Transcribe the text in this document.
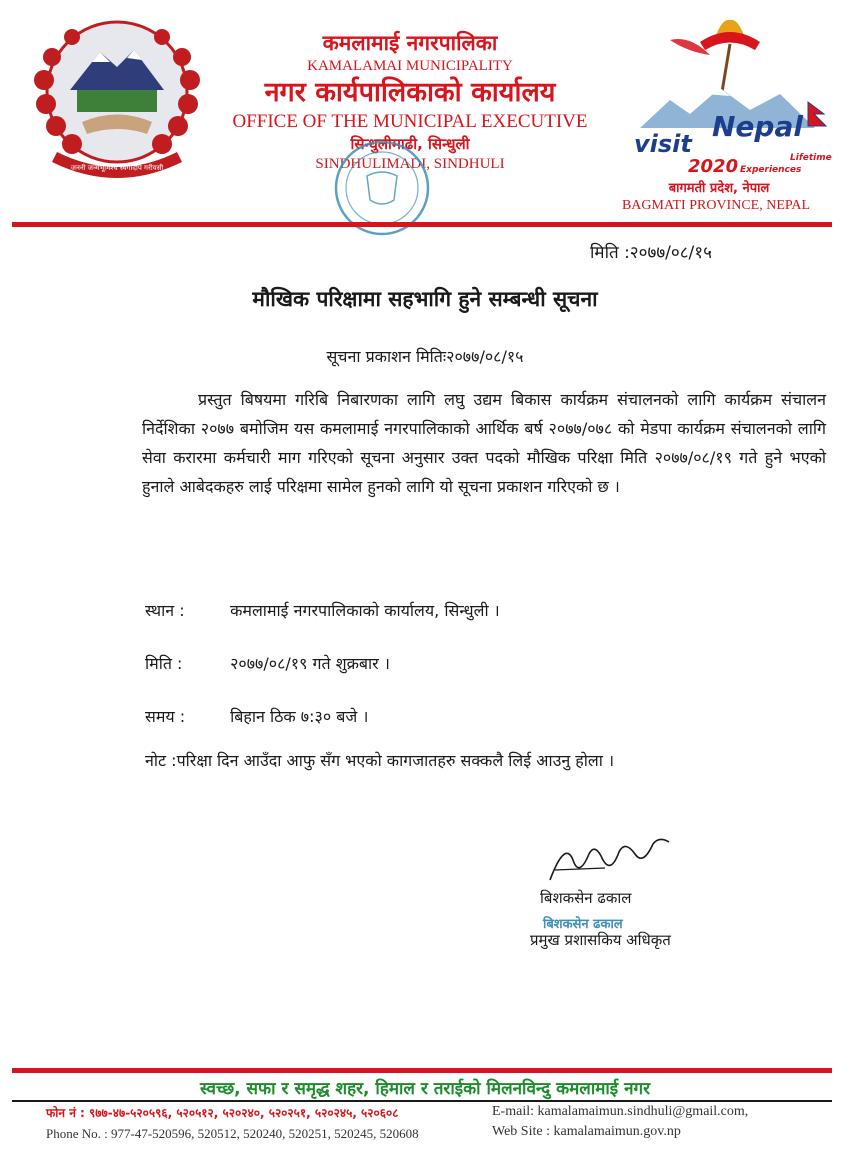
जननी जन्मभूमिश्च स्वर्गादपि गरीयसी
कमलामाई नगरपालिका
KAMALAMAI MUNICIPALITY
नगर कार्यपालिकाको कार्यालय
OFFICE OF THE MUNICIPAL EXECUTIVE
सिन्धुलीमाढी, सिन्धुली
SINDHULIMADI, SINDHULI
visit
Nepal
2020	Lifetime
Experiences
बागमती प्रदेश, नेपाल
BAGMATI PROVINCE, NEPAL
मिति :२०७७/०८/१५
मौखिक परिक्षामा सहभागि हुने सम्बन्धी सूचना
सूचना प्रकाशन मितिः२०७७/०८/१५
प्रस्तुत बिषयमा गरिबि निबारणका लागि लघु उद्यम बिकास कार्यक्रम संचालनको लागि कार्यक्रम संचालन निर्देशिका २०७७ बमोजिम यस कमलामाई नगरपालिकाको आर्थिक बर्ष २०७७/०७८ को मेडपा कार्यक्रम संचालनको लागि सेवा करारमा कर्मचारी माग गरिएको सूचना अनुसार उक्त पदको मौखिक परिक्षा मिति २०७७/०८/१९ गते हुने भएको हुनाले आबेदकहरु लाई परिक्षमा सामेल हुनको लागि यो सूचना प्रकाशन गरिएको छ ।
स्थान :	कमलामाई नगरपालिकाको कार्यालय, सिन्धुली ।
मिति :	२०७७/०८/१९ गते शुक्रबार ।
समय :	बिहान ठिक ७:३० बजे ।
नोट :परिक्षा दिन आउँदा आफु सँग भएको कागजातहरु सक्कलै लिई आउनु होला ।
बिशकसेन ढकाल
बिशकसेन ढकाल
प्रमुख प्रशासकिय अधिकृत
स्वच्छ, सफा र समृद्ध शहर, हिमाल र तराईको मिलनविन्दु कमलामाई नगर
फोन नं : ९७७-४७-५२०५९६, ५२०५१२, ५२०२४०, ५२०२५१, ५२०२४५, ५२०६०८
Phone No. : 977-47-520596, 520512, 520240, 520251, 520245, 520608
E-mail: kamalamaimun.sindhuli@gmail.com,
Web Site : kamalamaimun.gov.np
